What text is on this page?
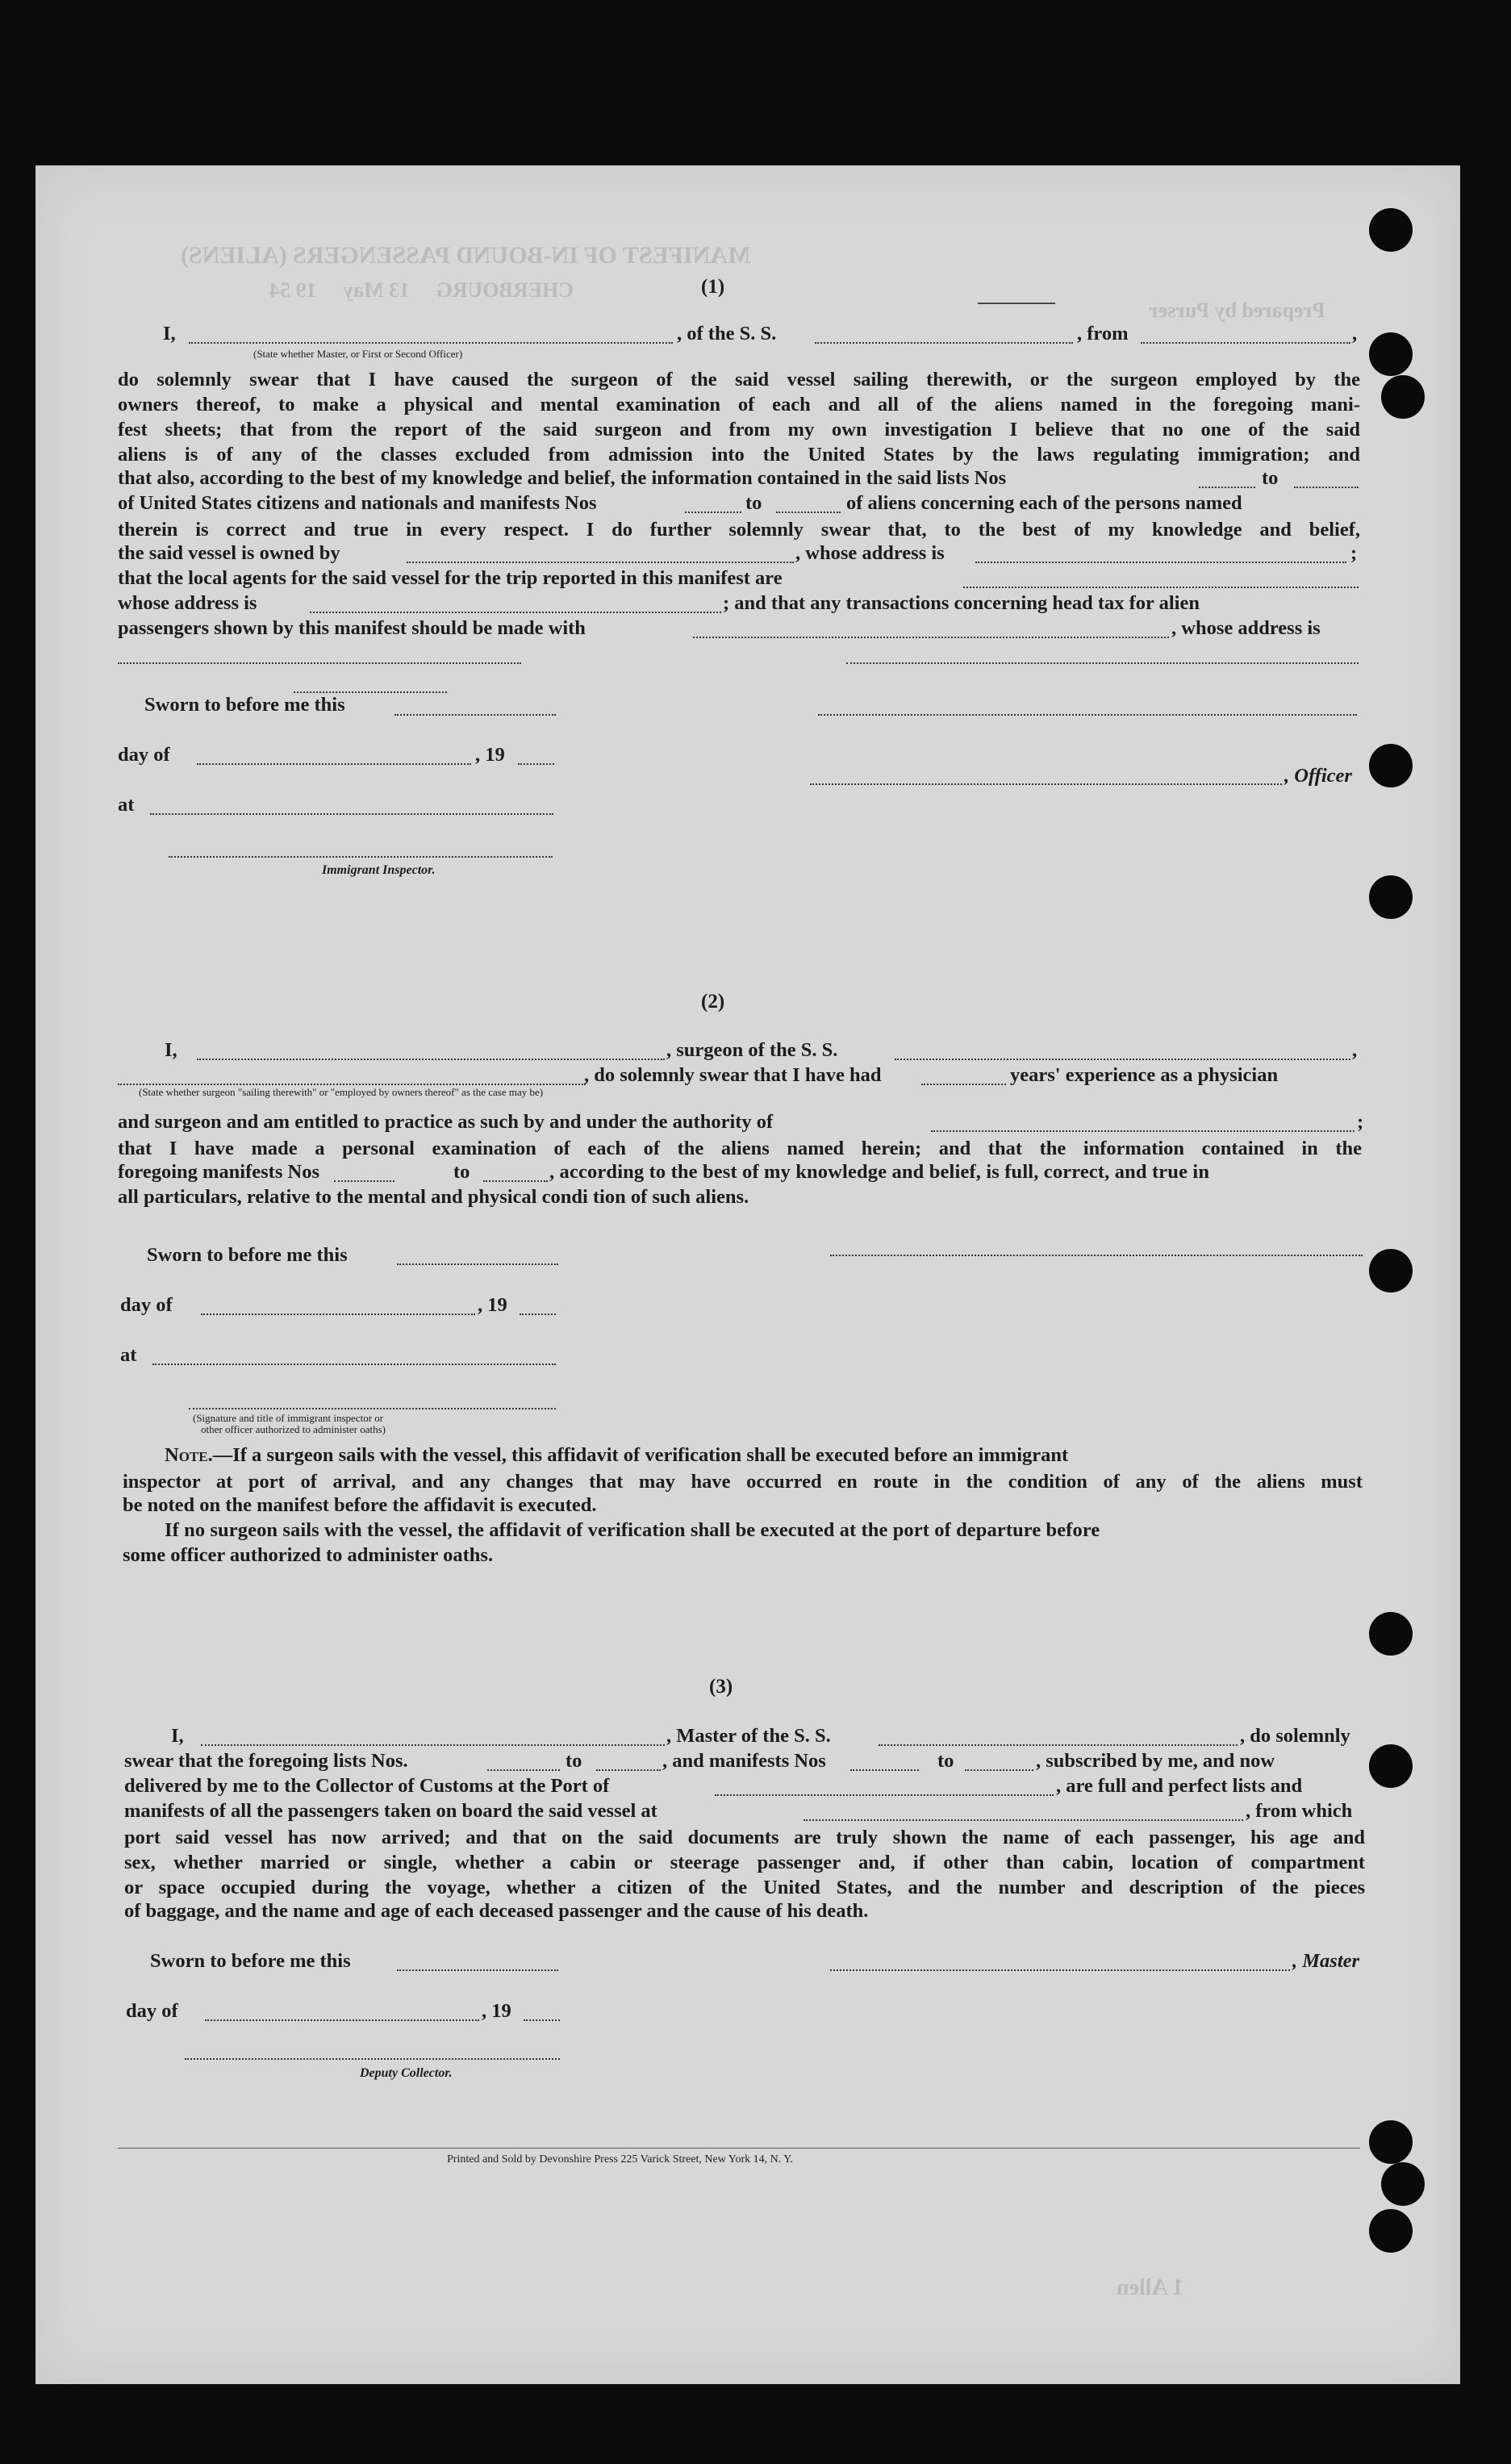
MANIFEST OF IN-BOUND PASSENGERS (ALIENS)
CHERBOURG     13 May     19 54
Prepared by Purser
(1)
I,	, of the S. S.	, from	,
(State whether Master, or First or Second Officer)
do solemnly swear that I have caused the surgeon of the said vessel sailing therewith, or the surgeon employed by the
owners thereof, to make a physical and mental examination of each and all of the aliens named in the foregoing mani-
fest sheets; that from the report of the said surgeon and from my own investigation I believe that no one of the said
aliens is of any of the classes excluded from admission into the United States by the laws regulating immigration; and
that also, according to the best of my knowledge and belief, the information contained in the said lists Nos	to
of United States citizens and nationals and manifests Nos	to	of aliens concerning each of the persons named
therein is correct and true in every respect. I do further solemnly swear that, to the best of my knowledge and belief,
the said vessel is owned by	, whose address is	;
that the local agents for the said vessel for the trip reported in this manifest are
whose address is	; and that any transactions concerning head tax for alien
passengers shown by this manifest should be made with	, whose address is
Sworn to before me this
day of	, 19
, Officer
at
Immigrant Inspector.
(2)
I,	, surgeon of the S. S.	,
, do solemnly swear that I have had	years' experience as a physician
(State whether surgeon "sailing therewith" or "employed by owners thereof" as the case may be)
and surgeon and am entitled to practice as such by and under the authority of	;
that I have made a personal examination of each of the aliens named herein; and that the information contained in the
foregoing manifests Nos	to	, according to the best of my knowledge and belief, is full, correct, and true in
all particulars, relative to the mental and physical condi tion of such aliens.
Sworn to before me this
day of	, 19
at
(Signature and title of immigrant inspector or
other officer authorized to administer oaths)
Note.—If a surgeon sails with the vessel, this affidavit of verification shall be executed before an immigrant
inspector at port of arrival, and any changes that may have occurred en route in the condition of any of the aliens must
be noted on the manifest before the affidavit is executed.
If no surgeon sails with the vessel, the affidavit of verification shall be executed at the port of departure before
some officer authorized to administer oaths.
(3)
I,	, Master of the S. S.	, do solemnly
swear that the foregoing lists Nos.	to	, and manifests Nos	to	, subscribed by me, and now
delivered by me to the Collector of Customs at the Port of	, are full and perfect lists and
manifests of all the passengers taken on board the said vessel at	, from which
port said vessel has now arrived; and that on the said documents are truly shown the name of each passenger, his age and
sex, whether married or single, whether a cabin or steerage passenger and, if other than cabin, location of compartment
or space occupied during the voyage, whether a citizen of the United States, and the number and description of the pieces
of baggage, and the name and age of each deceased passenger and the cause of his death.
Sworn to before me this	, Master
day of	, 19
Deputy Collector.
Printed and Sold by Devonshire Press 225 Varick Street, New York 14, N. Y.
1 Allen
